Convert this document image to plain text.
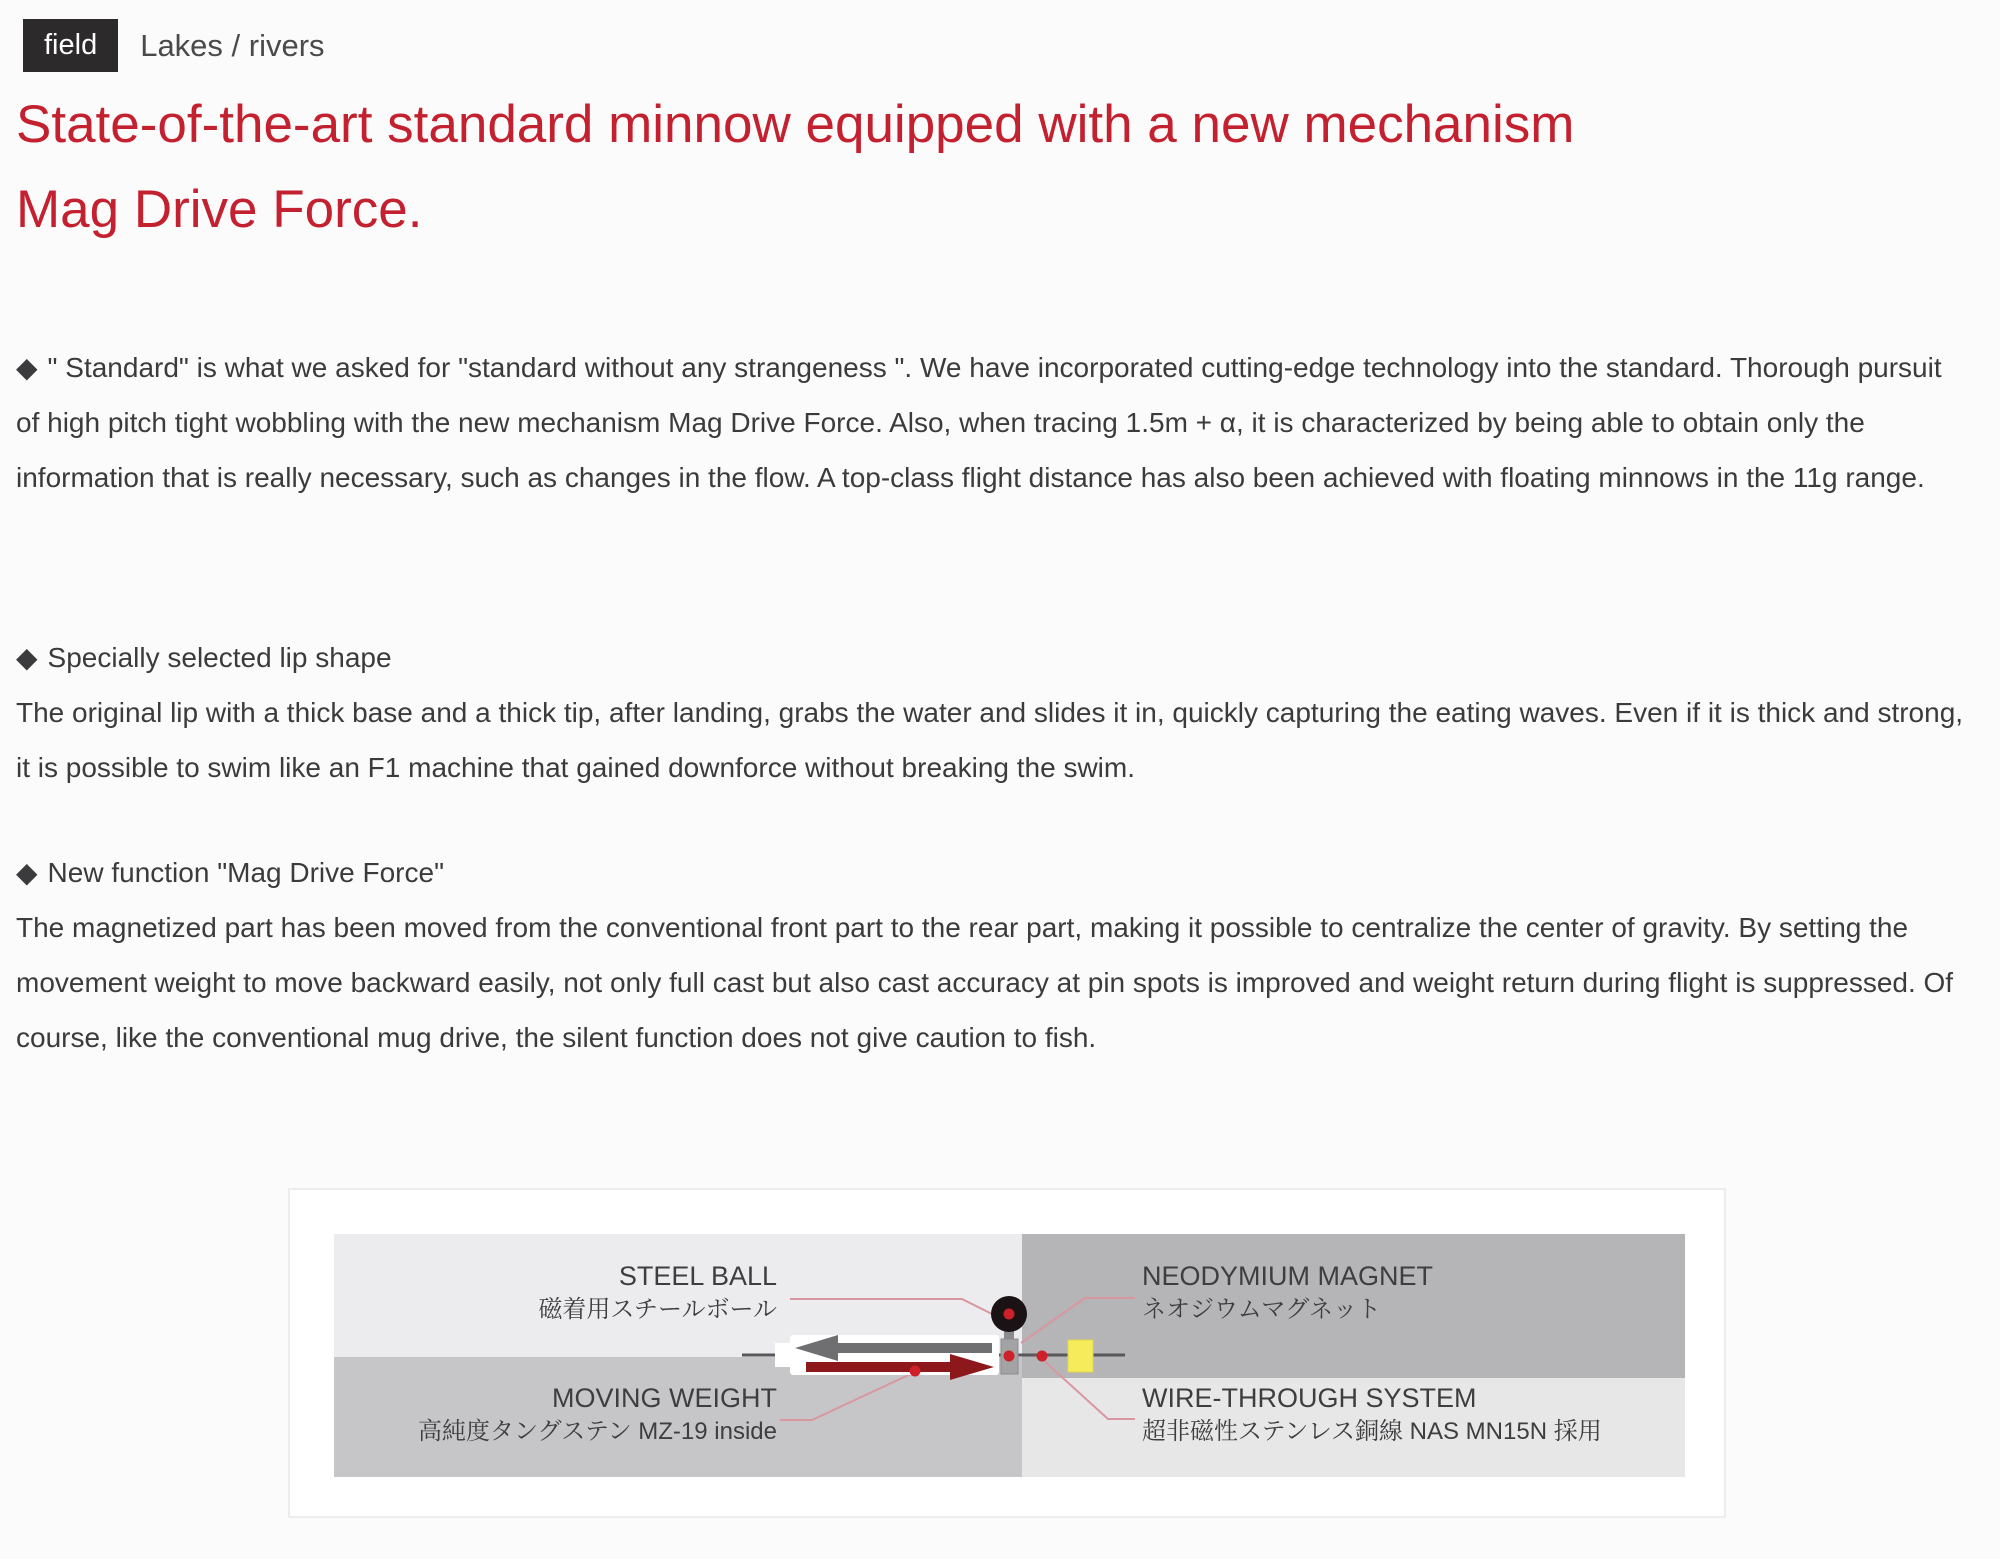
field	Lakes / rivers
State-of-the-art standard minnow equipped with a new mechanism
Mag Drive Force.

◆ " Standard" is what we asked for "standard without any strangeness ". We have incorporated cutting-edge technology into the standard. Thorough pursuit of high pitch tight wobbling with the new mechanism Mag Drive Force. Also, when tracing 1.5m + α, it is characterized by being able to obtain only the information that is really necessary, such as changes in the flow. A top-class flight distance has also been achieved with floating minnows in the 11g range.

◆ Specially selected lip shape

The original lip with a thick base and a thick tip, after landing, grabs the water and slides it in, quickly capturing the eating waves. Even if it is thick and strong, it is possible to swim like an F1 machine that gained downforce without breaking the swim.

◆ New function "Mag Drive Force"

The magnetized part has been moved from the conventional front part to the rear part, making it possible to centralize the center of gravity. By setting the movement weight to move backward easily, not only full cast but also cast accuracy at pin spots is improved and weight return during flight is suppressed. Of course, like the conventional mug drive, the silent function does not give caution to fish.

STEEL BALL
磁着用スチールボール
NEODYMIUM MAGNET
ネオジウムマグネット
MOVING WEIGHT
高純度タングステン MZ-19 inside
WIRE-THROUGH SYSTEM
超非磁性ステンレス銅線 NAS MN15N 採用
